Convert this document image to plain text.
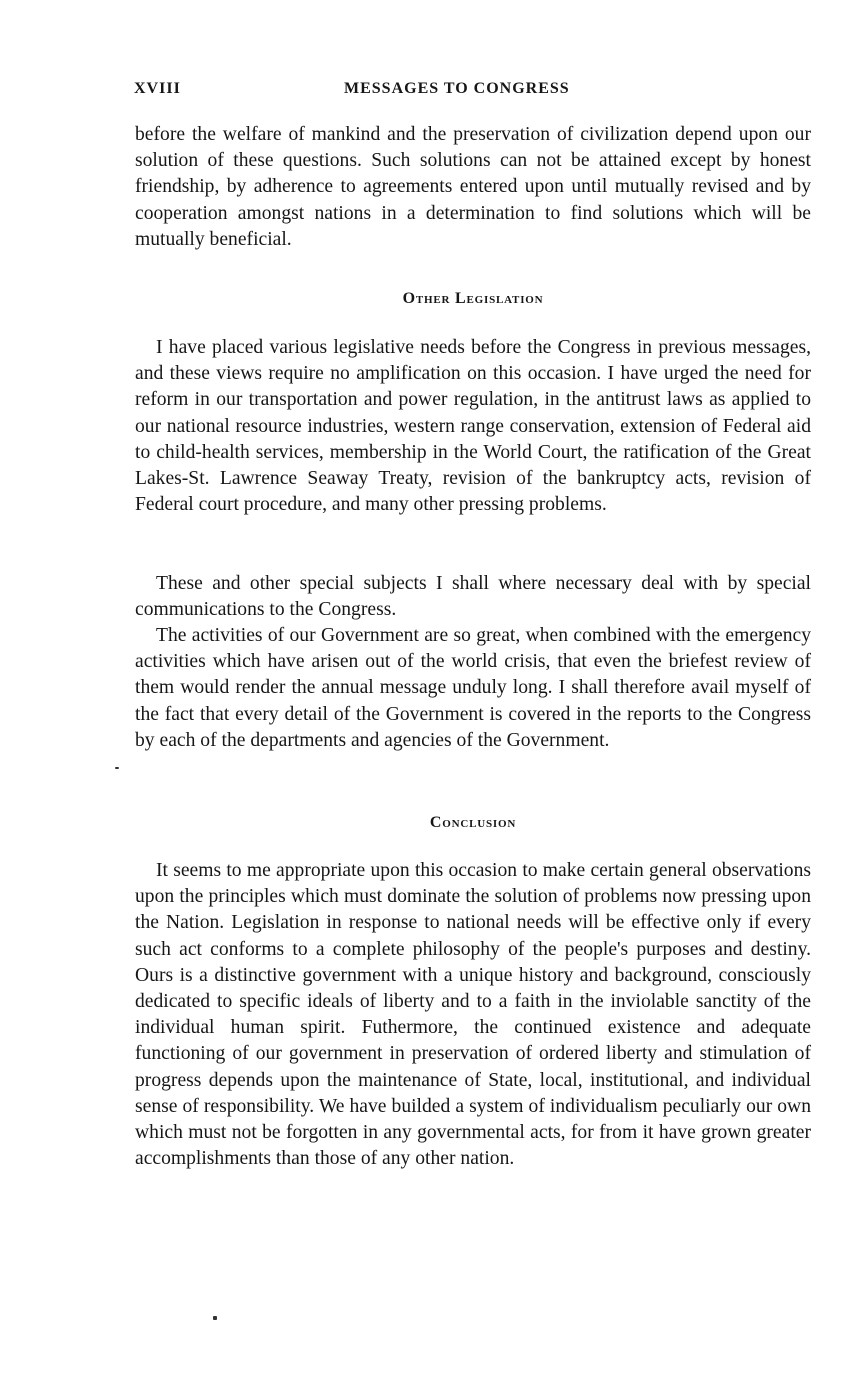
XVIII	MESSAGES TO CONGRESS

before the welfare of mankind and the preservation of civilization depend upon our solution of these questions. Such solutions can not be attained except by honest friendship, by adherence to agreements entered upon until mutually revised and by cooperation amongst nations in a determination to find solutions which will be mutually beneficial.

Other Legislation

I have placed various legislative needs before the Congress in previous messages, and these views require no amplification on this occasion. I have urged the need for reform in our transportation and power regulation, in the antitrust laws as applied to our national resource industries, western range conservation, extension of Federal aid to child-health services, membership in the World Court, the ratification of the Great Lakes-St. Lawrence Seaway Treaty, revision of the bankruptcy acts, revision of Federal court procedure, and many other pressing problems.

These and other special subjects I shall where necessary deal with by special communications to the Congress.

The activities of our Government are so great, when combined with the emergency activities which have arisen out of the world crisis, that even the briefest review of them would render the annual message unduly long. I shall therefore avail myself of the fact that every detail of the Government is covered in the reports to the Congress by each of the departments and agencies of the Government.

Conclusion

It seems to me appropriate upon this occasion to make certain general observations upon the principles which must dominate the solution of problems now pressing upon the Nation. Legislation in response to national needs will be effective only if every such act conforms to a complete philosophy of the people's purposes and destiny. Ours is a distinctive government with a unique history and background, consciously dedicated to specific ideals of liberty and to a faith in the inviolable sanctity of the individual human spirit. Futhermore, the continued existence and adequate functioning of our government in preservation of ordered liberty and stimulation of progress depends upon the maintenance of State, local, institutional, and individual sense of responsibility. We have builded a system of individualism peculiarly our own which must not be forgotten in any governmental acts, for from it have grown greater accomplishments than those of any other nation.
